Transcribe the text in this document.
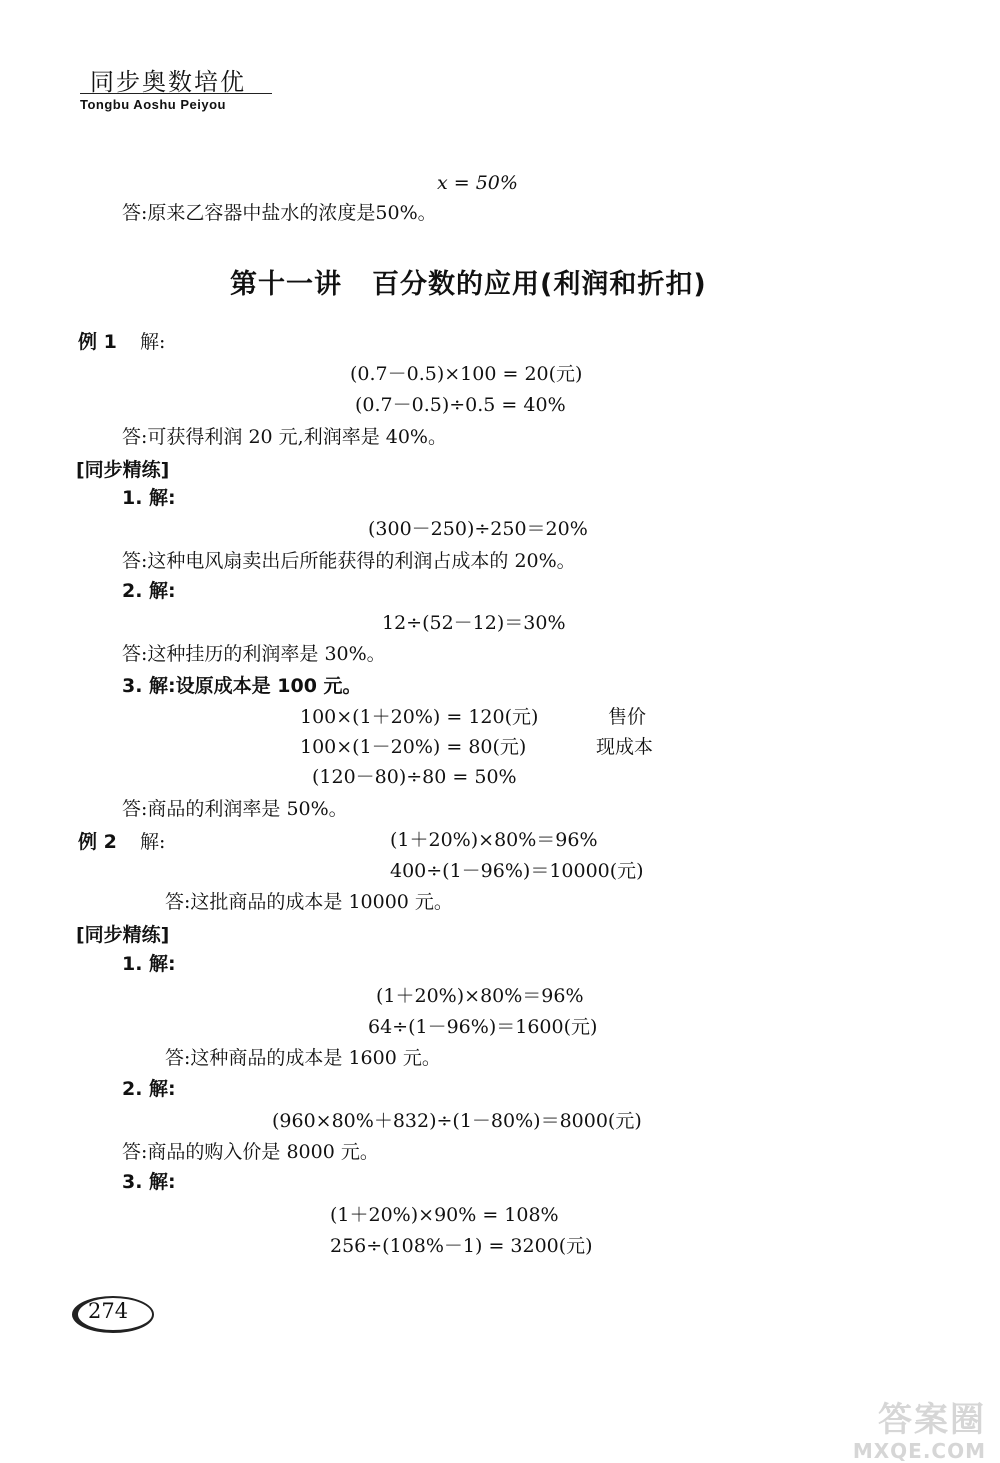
同步奥数培优
Tongbu Aoshu Peiyou
x = 50%
答:原来乙容器中盐水的浓度是50%。
第十一讲 百分数的应用(利润和折扣)
例 1 解:
(0.7－0.5)×100 = 20(元)
(0.7－0.5)÷0.5 = 40%
答:可获得利润 20 元,利润率是 40%。
[同步精练]
1. 解:
(300－250)÷250＝20%
答:这种电风扇卖出后所能获得的利润占成本的 20%。
2. 解:
12÷(52－12)＝30%
答:这种挂历的利润率是 30%。
3. 解:设原成本是 100 元。
100×(1＋20%) = 120(元)	售价
100×(1－20%) = 80(元)	现成本
(120－80)÷80 = 50%
答:商品的利润率是 50%。
例 2 解:	(1＋20%)×80%＝96%
400÷(1－96%)＝10000(元)
答:这批商品的成本是 10000 元。
[同步精练]
1. 解:
(1＋20%)×80%＝96%
64÷(1－96%)＝1600(元)
答:这种商品的成本是 1600 元。
2. 解:
(960×80%＋832)÷(1－80%)＝8000(元)
答:商品的购入价是 8000 元。
3. 解:
(1＋20%)×90% = 108%
256÷(108%－1) = 3200(元)
274
答案圈
MXQE.COM
